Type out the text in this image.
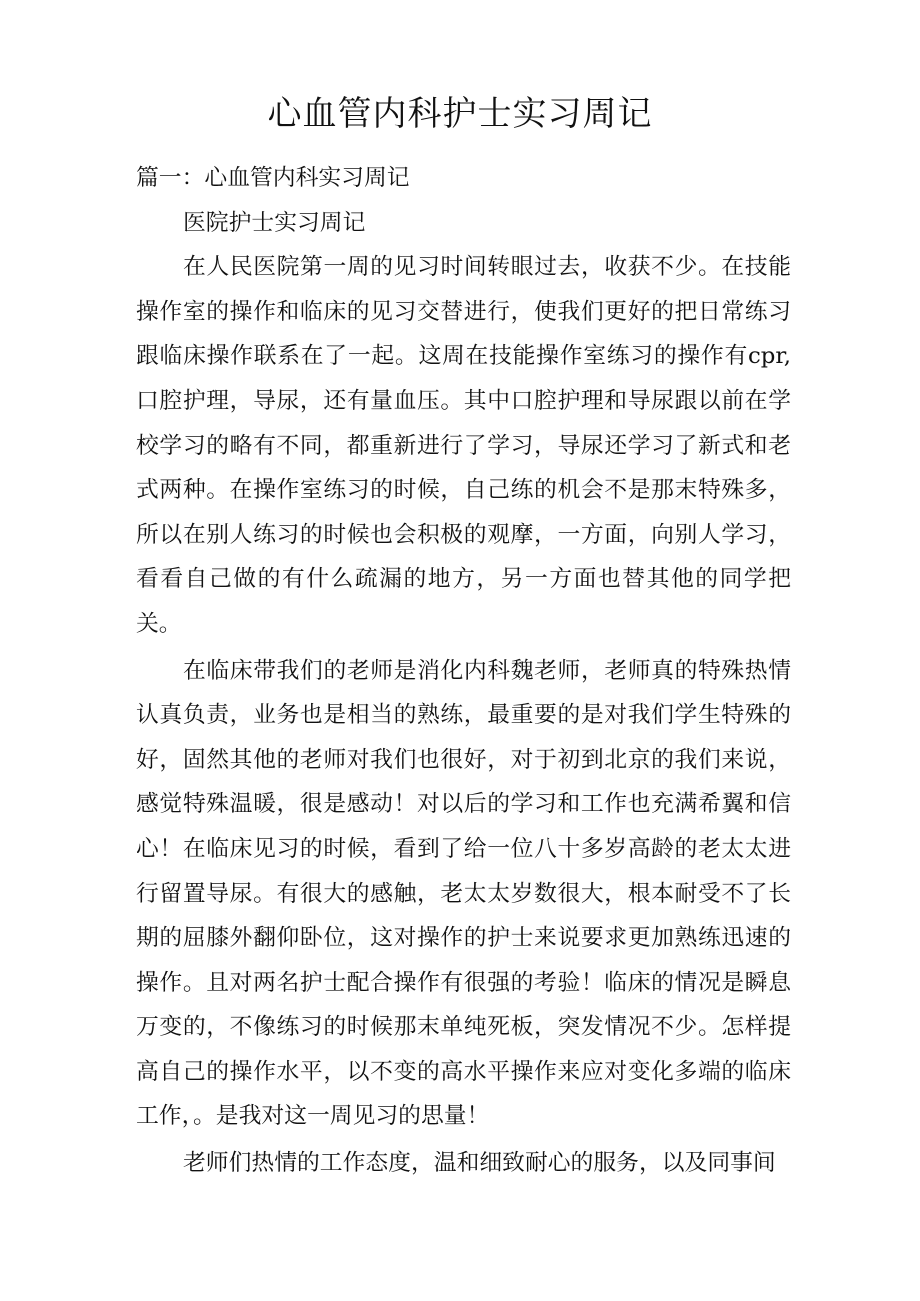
心血管内科护士实习周记

篇一：心血管内科实习周记

医院护士实习周记

在人民医院第一周的见习时间转眼过去，收获不少。在技能操作室的操作和临床的见习交替进行，使我们更好的把日常练习跟临床操作联系在了一起。这周在技能操作室练习的操作有cpr,口腔护理，导尿，还有量血压。其中口腔护理和导尿跟以前在学校学习的略有不同，都重新进行了学习，导尿还学习了新式和老式两种。在操作室练习的时候，自己练的机会不是那末特殊多，所以在别人练习的时候也会积极的观摩，一方面，向别人学习，看看自己做的有什么疏漏的地方，另一方面也替其他的同学把关。

在临床带我们的老师是消化内科魏老师，老师真的特殊热情认真负责，业务也是相当的熟练，最重要的是对我们学生特殊的好，固然其他的老师对我们也很好，对于初到北京的我们来说，感觉特殊温暖，很是感动！对以后的学习和工作也充满希翼和信心！在临床见习的时候，看到了给一位八十多岁高龄的老太太进行留置导尿。有很大的感触，老太太岁数很大，根本耐受不了长期的屈膝外翻仰卧位，这对操作的护士来说要求更加熟练迅速的操作。且对两名护士配合操作有很强的考验！临床的情况是瞬息万变的，不像练习的时候那末单纯死板，突发情况不少。怎样提高自己的操作水平，以不变的高水平操作来应对变化多端的临床工作，。是我对这一周见习的思量！

老师们热情的工作态度，温和细致耐心的服务，以及同事间
